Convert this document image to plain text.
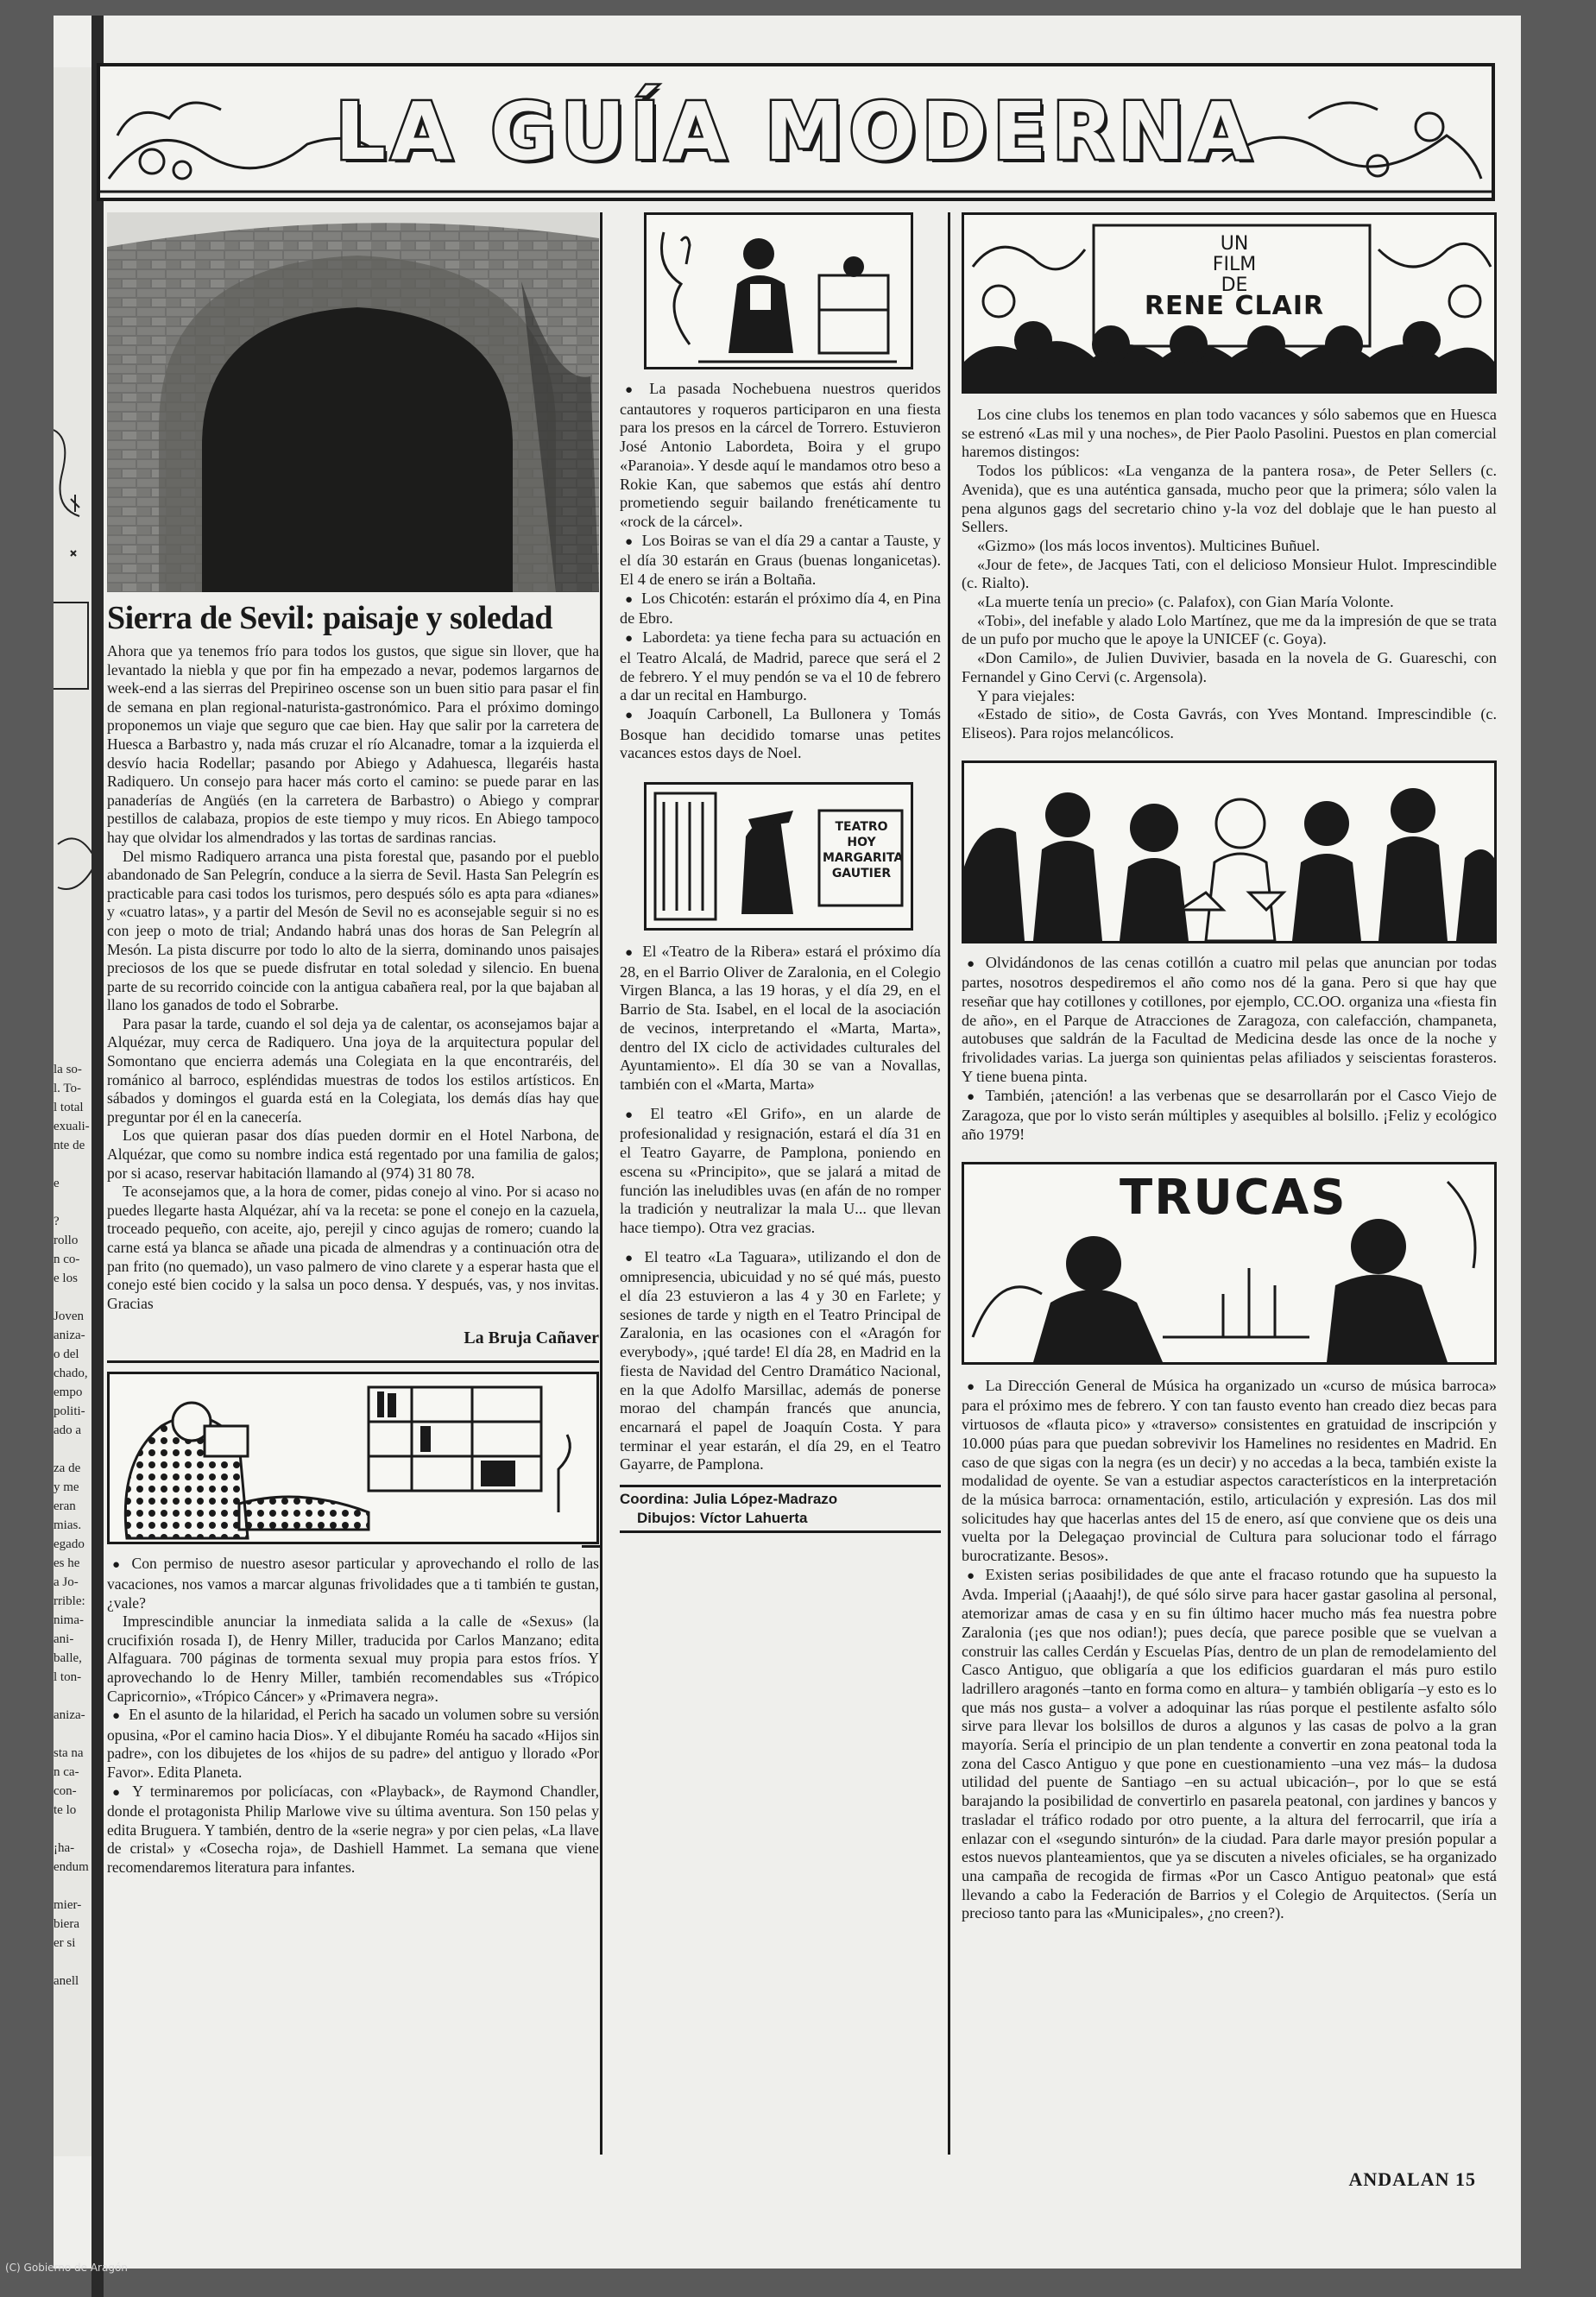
la so-
l. To-
l total
exuali-
nte de

e

?
rollo
n co-
e los

Joven
aniza-
o del
chado,
empo
politi-
ado a

za de
y me
eran
mias.
egado
es he
a Jo-
rrible:
nima-
ani-
balle,
l ton-

aniza-

sta na
n ca-
con-
te lo

¡ha-
endum

mier-
biera
er si

anell
LA GUÍA MODERNA
Sierra de Sevil: paisaje y soledad

Ahora que ya tenemos frío para todos los gustos, que sigue sin llover, que ha levantado la niebla y que por fin ha empezado a nevar, podemos largarnos de week-end a las sierras del Prepirineo oscense son un buen sitio para pasar el fin de semana en plan regional-naturista-gastronómico. Para el próximo domingo proponemos un viaje que seguro que cae bien. Hay que salir por la carretera de Huesca a Barbastro y, nada más cruzar el río Alcanadre, tomar a la izquierda el desvío hacia Rodellar; pasando por Abiego y Adahuesca, llegaréis hasta Radiquero. Un consejo para hacer más corto el camino: se puede parar en las panaderías de Angüés (en la carretera de Barbastro) o Abiego y comprar pestillos de calabaza, propios de este tiempo y muy ricos. En Abiego tampoco hay que olvidar los almendrados y las tortas de sardinas rancias.

Del mismo Radiquero arranca una pista forestal que, pasando por el pueblo abandonado de San Pelegrín, conduce a la sierra de Sevil. Hasta San Pelegrín es practicable para casi todos los turismos, pero después sólo es apta para «dianes» y «cuatro latas», y a partir del Mesón de Sevil no es aconsejable seguir si no es con jeep o moto de trial; Andando habrá unas dos horas de San Pelegrín al Mesón. La pista discurre por todo lo alto de la sierra, dominando unos paisajes preciosos de los que se puede disfrutar en total soledad y silencio. En buena parte de su recorrido coincide con la antigua cabañera real, por la que bajaban al llano los ganados de todo el Sobrarbe.

Para pasar la tarde, cuando el sol deja ya de calentar, os aconsejamos bajar a Alquézar, muy cerca de Radiquero. Una joya de la arquitectura popular del Somontano que encierra además una Colegiata en la que encontraréis, del románico al barroco, espléndidas muestras de todos los estilos artísticos. En sábados y domingos el guarda está en la Colegiata, los demás días hay que preguntar por él en la canecería.

Los que quieran pasar dos días pueden dormir en el Hotel Narbona, de Alquézar, que como su nombre indica está regentado por una familia de galos; por si acaso, reservar habitación llamando al (974) 31 80 78.

Te aconsejamos que, a la hora de comer, pidas conejo al vino. Por si acaso no puedes llegarte hasta Alquézar, ahí va la receta: se pone el conejo en la cazuela, troceado pequeño, con aceite, ajo, perejil y cinco agujas de romero; cuando la carne está ya blanca se añade una picada de almendras y a continuación otra de pan frito (no quemado), un vaso palmero de vino clarete y a esperar hasta que el conejo esté bien cocido y la salsa un poco densa. Y después, vas, y nos invitas. Gracias

La Bruja Cañaver

● Con permiso de nuestro asesor particular y aprovechando el rollo de las vacaciones, nos vamos a marcar algunas frivolidades que a ti también te gustan, ¿vale?

Imprescindible anunciar la inmediata salida a la calle de «Sexus» (la crucifixión rosada I), de Henry Miller, traducida por Carlos Manzano; edita Alfaguara. 700 páginas de tormenta sexual muy propia para estos fríos. Y aprovechando lo de Henry Miller, también recomendables sus «Trópico Capricornio», «Trópico Cáncer» y «Primavera negra».

● En el asunto de la hilaridad, el Perich ha sacado un volumen sobre su versión opusina, «Por el camino hacia Dios». Y el dibujante Roméu ha sacado «Hijos sin padre», con los dibujetes de los «hijos de su padre» del antiguo y llorado «Por Favor». Edita Planeta.

● Y terminaremos por policíacas, con «Playback», de Raymond Chandler, donde el protagonista Philip Marlowe vive su última aventura. Son 150 pelas y edita Bruguera. Y también, dentro de la «serie negra» y por cien pelas, «La llave de cristal» y «Cosecha roja», de Dashiell Hammet. La semana que viene recomendaremos literatura para infantes.

● La pasada Nochebuena nuestros queridos cantautores y roqueros participaron en una fiesta para los presos en la cárcel de Torrero. Estuvieron José Antonio Labordeta, Boira y el grupo «Paranoia». Y desde aquí le mandamos otro beso a Rokie Kan, que sabemos que estás ahí dentro prometiendo seguir bailando frenéticamente tu «rock de la cárcel».

● Los Boiras se van el día 29 a cantar a Tauste, y el día 30 estarán en Graus (buenas longanicetas). El 4 de enero se irán a Boltaña.

● Los Chicotén: estarán el próximo día 4, en Pina de Ebro.

● Labordeta: ya tiene fecha para su actuación en el Teatro Alcalá, de Madrid, parece que será el 2 de febrero. Y el muy pendón se va el 10 de febrero a dar un recital en Hamburgo.

● Joaquín Carbonell, La Bullonera y Tomás Bosque han decidido tomarse unas petites vacances estos days de Noel.

TEATRO HOY MARGARITA GAUTIER

● El «Teatro de la Ribera» estará el próximo día 28, en el Barrio Oliver de Zaralonia, en el Colegio Virgen Blanca, a las 19 horas, y el día 29, en el Barrio de Sta. Isabel, en el local de la asociación de vecinos, interpretando el «Marta, Marta», dentro del IX ciclo de actividades culturales del Ayuntamiento». El día 30 se van a Novallas, también con el «Marta, Marta»

● El teatro «El Grifo», en un alarde de profesionalidad y resignación, estará el día 31 en el Teatro Gayarre, de Pamplona, poniendo en escena su «Principito», que se jalará a mitad de función las ineludibles uvas (en afán de no romper la tradición y neutralizar la mala U... que llevan hace tiempo). Otra vez gracias.

● El teatro «La Taguara», utilizando el don de omnipresencia, ubicuidad y no sé qué más, puesto el día 23 estuvieron a las 4 y 30 en Farlete; y sesiones de tarde y nigth en el Teatro Principal de Zaralonia, en las ocasiones con el «Aragón for everybody», ¡qué tarde! El día 28, en Madrid en la fiesta de Navidad del Centro Dramático Nacional, en la que Adolfo Marsillac, además de ponerse morao del champán francés que anuncia, encarnará el papel de Joaquín Costa. Y para terminar el year estarán, el día 29, en el Teatro Gayarre, de Pamplona.

Coordina: Julia López-Madrazo
Dibujos: Víctor Lahuerta
UN
FILM
DE
RENE CLAIR

Los cine clubs los tenemos en plan todo vacances y sólo sabemos que en Huesca se estrenó «Las mil y una noches», de Pier Paolo Pasolini. Puestos en plan comercial haremos distingos:

Todos los públicos: «La venganza de la pantera rosa», de Peter Sellers (c. Avenida), que es una auténtica gansada, mucho peor que la primera; sólo valen la pena algunos gags del secretario chino y-la voz del doblaje que le han puesto al Sellers.

«Gizmo» (los más locos inventos). Multicines Buñuel.

«Jour de fete», de Jacques Tati, con el delicioso Monsieur Hulot. Imprescindible (c. Rialto).

«La muerte tenía un precio» (c. Palafox), con Gian María Volonte.

«Tobi», del inefable y alado Lolo Martínez, que me da la impresión de que se trata de un pufo por mucho que le apoye la UNICEF (c. Goya).

«Don Camilo», de Julien Duvivier, basada en la novela de G. Guareschi, con Fernandel y Gino Cervi (c. Argensola).

Y para viejales:

«Estado de sitio», de Costa Gavrás, con Yves Montand. Imprescindible (c. Eliseos). Para rojos melancólicos.

● Olvidándonos de las cenas cotillón a cuatro mil pelas que anuncian por todas partes, nosotros despediremos el año como nos dé la gana. Pero si que hay que reseñar que hay cotillones y cotillones, por ejemplo, CC.OO. organiza una «fiesta fin de año», en el Parque de Atracciones de Zaragoza, con calefacción, champaneta, autobuses que saldrán de la Facultad de Medicina desde las once de la noche y frivolidades varias. La juerga son quinientas pelas afiliados y seiscientas forasteros. Y tiene buena pinta.

● También, ¡atención! a las verbenas que se desarrollarán por el Casco Viejo de Zaragoza, que por lo visto serán múltiples y asequibles al bolsillo. ¡Feliz y ecológico año 1979!

TRUCAS

● La Dirección General de Música ha organizado un «curso de música barroca» para el próximo mes de febrero. Y con tan fausto evento han creado diez becas para virtuosos de «flauta pico» y «traverso» consistentes en gratuidad de inscripción y 10.000 púas para que puedan sobrevivir los Hamelines no residentes en Madrid. En caso de que sigas con la negra (es un decir) y no accedas a la beca, también existe la modalidad de oyente. Se van a estudiar aspectos característicos en la interpretación de la música barroca: ornamentación, estilo, articulación y expresión. Las dos mil solicitudes hay que hacerlas antes del 15 de enero, así que conviene que os deis una vuelta por la Delegaçao provincial de Cultura para solucionar todo el fárrago burocratizante. Besos».

● Existen serias posibilidades de que ante el fracaso rotundo que ha supuesto la Avda. Imperial (¡Aaaahj!), de qué sólo sirve para hacer gastar gasolina al personal, atemorizar amas de casa y en su fin último hacer mucho más fea nuestra pobre Zaralonia (¡es que nos odian!); pues decía, que parece posible que se vuelvan a construir las calles Cerdán y Escuelas Pías, dentro de un plan de remodelamiento del Casco Antiguo, que obligaría a que los edificios guardaran el más puro estilo ladrillero aragonés –tanto en forma como en altura– y también obligaría –y esto es lo que más nos gusta– a volver a adoquinar las rúas porque el pestilente asfalto sólo sirve para llevar los bolsillos de duros a algunos y las casas de polvo a la gran mayoría. Sería el principio de un plan tendente a convertir en zona peatonal toda la zona del Casco Antiguo y que pone en cuestionamiento –una vez más– la dudosa utilidad del puente de Santiago –en su actual ubicación–, por lo que se está barajando la posibilidad de convertirlo en pasarela peatonal, con jardines y bancos y trasladar el tráfico rodado por otro puente, a la altura del ferrocarril, que iría a enlazar con el «segundo sinturón» de la ciudad. Para darle mayor presión popular a estos nuevos planteamientos, que ya se discuten a niveles oficiales, se ha organizado una campaña de recogida de firmas «Por un Casco Antiguo peatonal» que está llevando a cabo la Federación de Barrios y el Colegio de Arquitectos. (Sería un precioso tanto para las «Municipales», ¿no creen?).

ANDALAN 15
(C) Gobierno de Aragón
